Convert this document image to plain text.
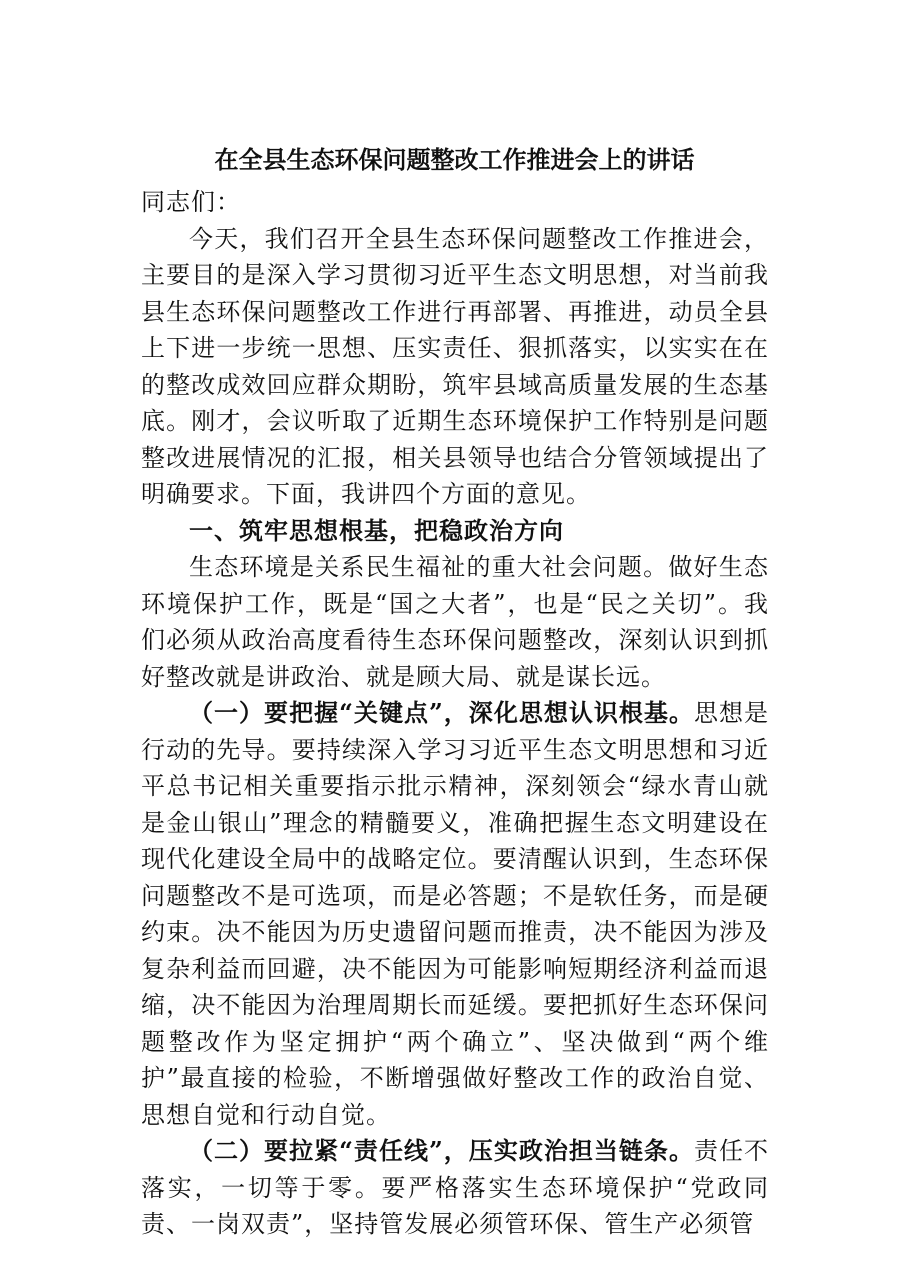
在全县生态环保问题整改工作推进会上的讲话

同志们：

今天，我们召开全县生态环保问题整改工作推进会，主要目的是深入学习贯彻习近平生态文明思想，对当前我县生态环保问题整改工作进行再部署、再推进，动员全县上下进一步统一思想、压实责任、狠抓落实，以实实在在的整改成效回应群众期盼，筑牢县域高质量发展的生态基底。刚才，会议听取了近期生态环境保护工作特别是问题整改进展情况的汇报，相关县领导也结合分管领域提出了明确要求。下面，我讲四个方面的意见。

一、筑牢思想根基，把稳政治方向

生态环境是关系民生福祉的重大社会问题。做好生态环境保护工作，既是“国之大者”，也是“民之关切”。我们必须从政治高度看待生态环保问题整改，深刻认识到抓好整改就是讲政治、就是顾大局、就是谋长远。

（一）要把握“关键点”，深化思想认识根基。思想是行动的先导。要持续深入学习习近平生态文明思想和习近平总书记相关重要指示批示精神，深刻领会“绿水青山就是金山银山”理念的精髓要义，准确把握生态文明建设在现代化建设全局中的战略定位。要清醒认识到，生态环保问题整改不是可选项，而是必答题；不是软任务，而是硬约束。决不能因为历史遗留问题而推责，决不能因为涉及复杂利益而回避，决不能因为可能影响短期经济利益而退缩，决不能因为治理周期长而延缓。要把抓好生态环保问题整改作为坚定拥护“两个确立”、坚决做到“两个维护”最直接的检验，不断增强做好整改工作的政治自觉、思想自觉和行动自觉。

（二）要拉紧“责任线”，压实政治担当链条。责任不落实，一切等于零。要严格落实生态环境保护“党政同责、一岗双责”，坚持管发展必须管环保、管生产必须管
